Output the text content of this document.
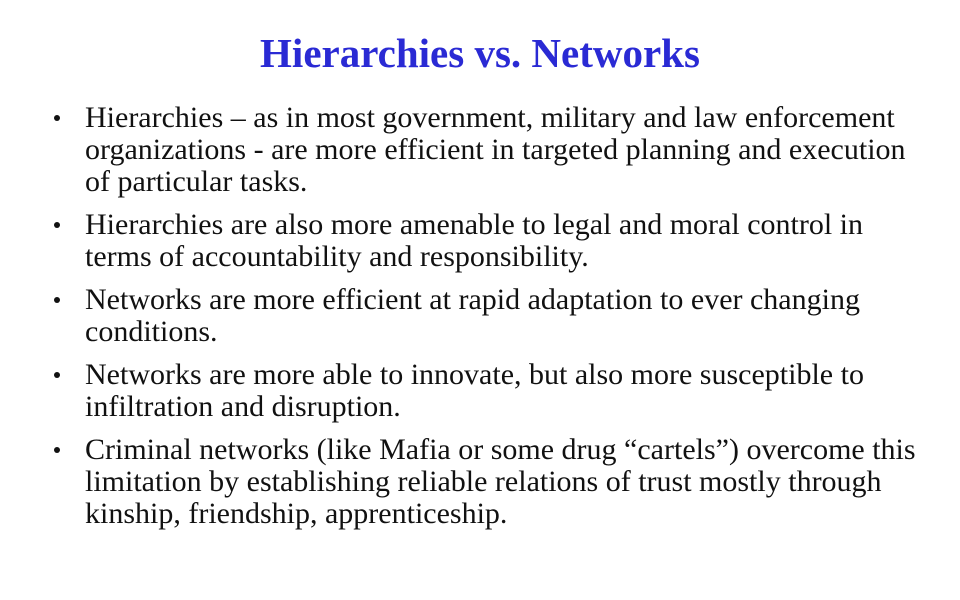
Hierarchies vs. Networks
Hierarchies – as in most government, military and law enforcement organizations - are more efficient in targeted planning and execution of particular tasks.
Hierarchies are also more amenable to legal and moral control in terms of accountability and responsibility.
Networks are more efficient at rapid adaptation to ever changing conditions.
Networks are more able to innovate, but also more susceptible to infiltration and disruption.
Criminal networks (like Mafia or some drug “cartels”) overcome this limitation by establishing reliable relations of trust mostly through kinship, friendship, apprenticeship.
